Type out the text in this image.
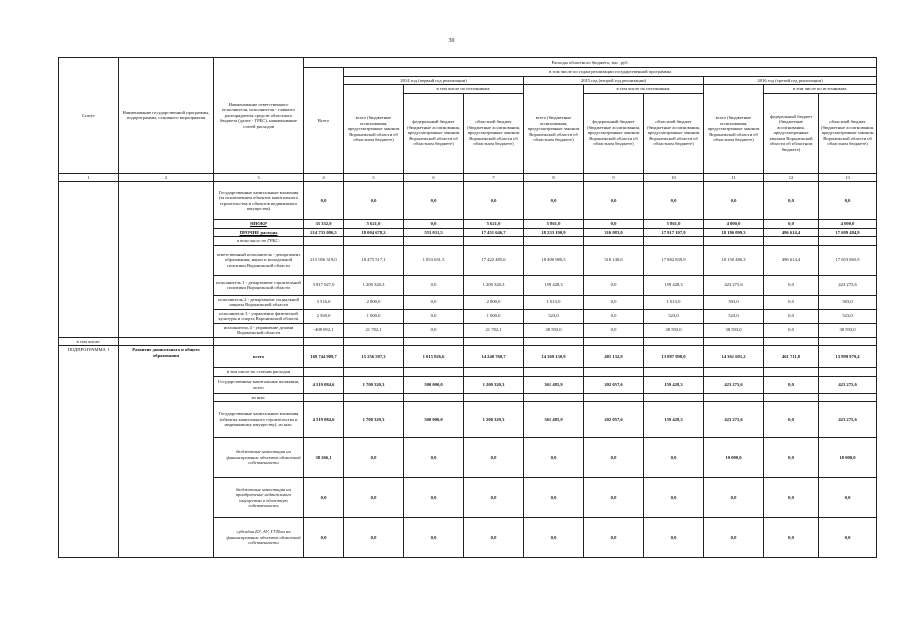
30
Статус	Наименование государственной программы, подпрограммы, основного мероприятия	Наименование ответственного исполнителя, исполнителя - главного распорядителя средств областного бюджета (далее - ГРБС), наименование статей расходов	Расходы областного бюджета, тыс. руб.									
			Всего	в том числе по годам реализации государственной программы								
				2014 год (первый год реализации)			2015 год (второй год реализации)			2016 год (третий год реализации)		
				всего (бюджетные ассигнования, предусмотренные законом Воронежской области об областном бюджете)	в том числе по источникам:		всего (бюджетные ассигнования, предусмотренные законом Воронежской области об областном бюджете)	в том числе по источникам:		всего (бюджетные ассигнования, предусмотренные законом Воронежской области об областном бюджете)	в том числе по источникам:	
					федеральный бюджет (бюджетные ассигнования, предусмотренные законом Воронежской области об областном бюджете)	областной бюджет (бюджетные ассигнования, предусмотренные законом Воронежской области об областном бюджете)		федеральный бюджет (бюджетные ассигнования, предусмотренные законом Воронежской области об областном бюджете)	областной бюджет (бюджетные ассигнования, предусмотренные законом Воронежской области об областном бюджете)		федеральный бюджет (бюджетные ассигнования, предусмотренные законом Воронежской области об областном бюджете)	областной бюджет (бюджетные ассигнования, предусмотренные законом Воронежской области об областном бюджете)
1	2	3	4	5	6	7	8	9	10	11	12	13
		Государственные капитальные вложения (за исключением объектов капитального строительства и объектов недвижимого имущества)	0,0	0,0	0,0	0,0	0,0	0,0	0,0	0,0	0,0	0,0
		НИОКР	35 332,0	5 621,0	0,0	5 621,0	5 861,0	0,0	5 861,0	4 000,0	0,0	4 000,0
		ПРОЧИЕ расходы	214 733 086,5	18 004 678,2	553 031,5	17 451 646,7	18 233 190,9	316 083,0	17 917 107,9	18 186 099,3	496 614,4	17 689 484,9
		в том числе по ГРБС:										
		ответственный исполнитель - департамент образования, науки и молодежной политики Воронежской области	215 056 319,0	18 475 517,1	1 053 031,5	17 422 485,6	18 400 980,5	518 140,6	17 882 839,9	18 150 480,3	496 614,4	17 653 865,9
		исполнитель 1 - департамент строительной политики Воронежской области	3 817 027,0	1 200 320,3	0,0	1 200 320,3	159 428,3	0,0	159 428,3	423 275,6	0,0	423 275,6
		исполнитель 2 - департамент социальной защиты Воронежской области	3 516,0	2 000,0	0,0	2 000,0	1 013,0	0,0	1 013,0	503,0	0,0	503,0
		исполнитель 3 - управление физической культуры и спорта Воронежской области	2 569,0	1 000,0	0,0	1 000,0	523,0	0,0	523,0	523,0	0,0	523,0
		исполнитель 4 - управление делами Воронежской области	-408 092,1	21 782,1	0,0	21 782,1	38 593,0	0,0	38 593,0	38 593,0	0,0	38 593,0
в том числе:												
ПОДПРОГРАММА 1	Развитие дошкольного и общего образования	всего	169 744 909,7	15 256 587,3	1 015 826,6	14 240 760,7	14 369 130,9	481 132,9	13 887 998,0	14 361 691,2	461 711,8	13 899 979,4
		в том числе по статьям расходов										
		Государственные капитальные вложения, всего	4 519 084,6	1 700 320,3	500 000,0	1 200 320,3	361 485,9	202 057,6	159 428,3	423 275,6	0,0	423 275,6
		из них:										
		Государственные капитальные вложения (объекты капитального строительства и недвижимому имуществу), из них:	4 519 084,6	1 700 320,3	500 000,0	1 200 320,3	361 485,9	202 057,6	159 428,3	423 275,6	0,0	423 275,6
		бюджетные инвестиции на финансирование объектов областной собственности	38 266,1	0,0	0,0	0,0	0,0	0,0	0,0	10 000,0	0,0	10 000,0
		бюджетные инвестиции на приобретение недвижимого имущества в областную собственность	0,0	0,0	0,0	0,0	0,0	0,0	0,0	0,0	0,0	0,0
		субсидии БУ, АУ, ГУПам на финансирование объектов областной собственности	0,0	0,0	0,0	0,0	0,0	0,0	0,0	0,0	0,0	0,0
